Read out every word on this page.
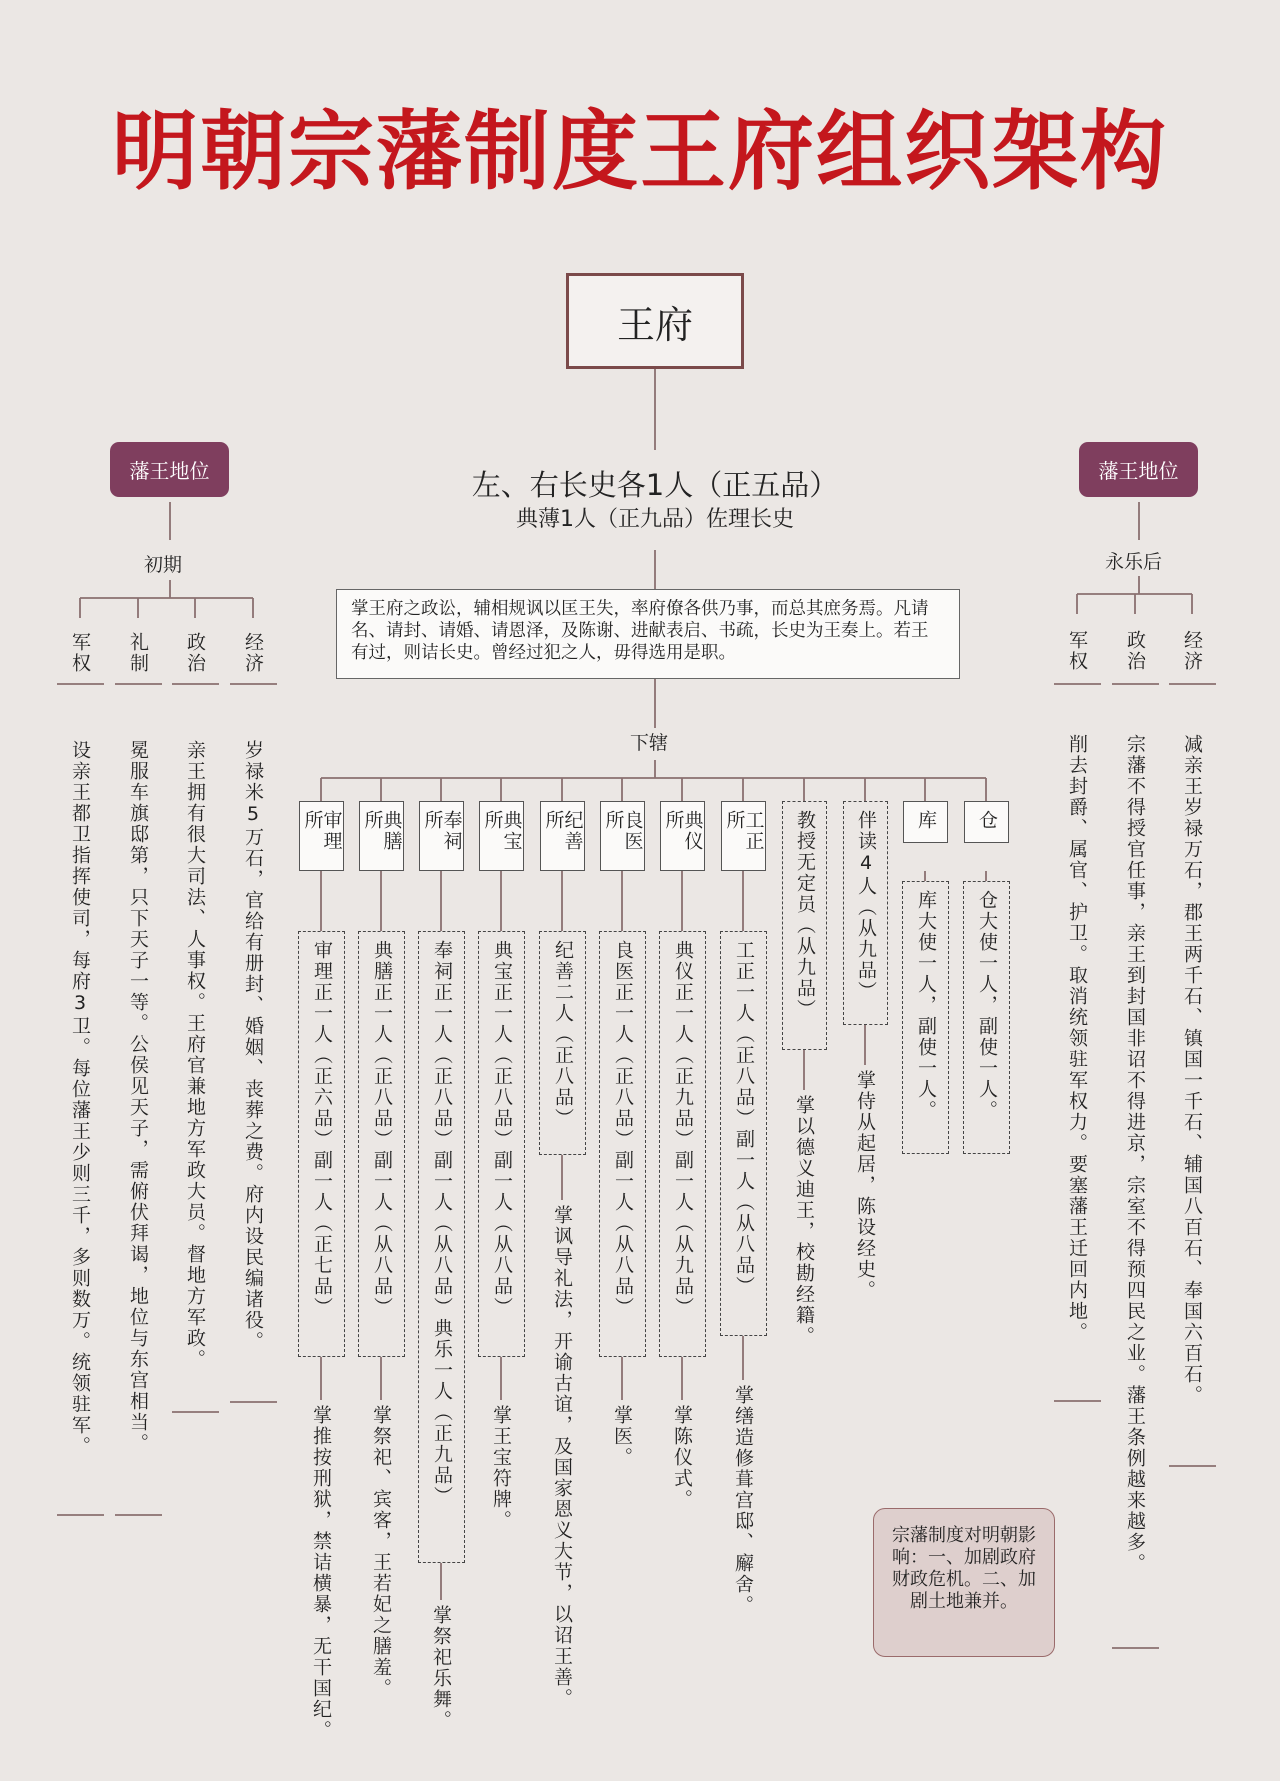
明朝宗藩制度王府组织架构
王府
左、右长史各1人（正五品）
典薄1人（正九品）佐理长史
掌王府之政讼，辅相规讽以匡王失，率府僚各供乃事，而总其庶务焉。凡请名、请封、请婚、请恩泽，及陈谢、进献表启、书疏，长史为王奏上。若王有过，则诘长史。曾经过犯之人，毋得选用是职。
下辖
藩王地位
初期
军权 礼制 政治 经济
设亲王都卫指挥使司，每府3卫。每位藩王少则三千，多则数万。统领驻军。 冕服车旗邸第，只下天子一等。公侯见天子，需俯伏拜谒，地位与东宫相当。 亲王拥有很大司法、人事权。王府官兼地方军政大员。督地方军政。 岁禄米5万石，官给有册封、婚姻、丧葬之费。府内设民编诸役。
藩王地位
永乐后
军权 政治 经济
削去封爵、属官、护卫。取消统领驻军权力。要塞藩王迁回内地。 宗藩不得授官任事，亲王到封国非诏不得进京，宗室不得预四民之业。藩王条例越来越多。 减亲王岁禄万石，郡王两千石、镇国一千石、辅国八百石、奉国六百石。
审理所	典膳所	奉祠所	典宝所	纪善所	良医所	典仪所	工正所	教授无定员（从九品） 伴读4人（从九品） 库 仓
审理正一人（正六品）副一人（正七品） 典膳正一人（正八品）副一人（从八品） 奉祠正一人（正八品）副一人（从八品）典乐一人（正九品） 典宝正一人（正八品）副一人（从八品） 纪善二人（正八品） 良医正一人（正八品）副一人（从八品） 典仪正一人（正九品）副一人（从九品） 工正一人（正八品）副一人（从八品）	库大使一人，副使一人。 仓大使一人，副使一人。
掌推按刑狱，禁诘横暴，无干国纪。 掌祭祀、宾客，王若妃之膳羞。 掌祭祀乐舞。
掌王宝符牌。 掌讽导礼法，开谕古谊，及国家恩义大节，以诏王善。 掌医。 掌陈仪式。 掌缮造修葺宫邸、廨舍。
掌以德义迪王，校勘经籍。 掌侍从起居，陈设经史。
宗藩制度对明朝影响：一、加剧政府财政危机。二、加剧土地兼并。
